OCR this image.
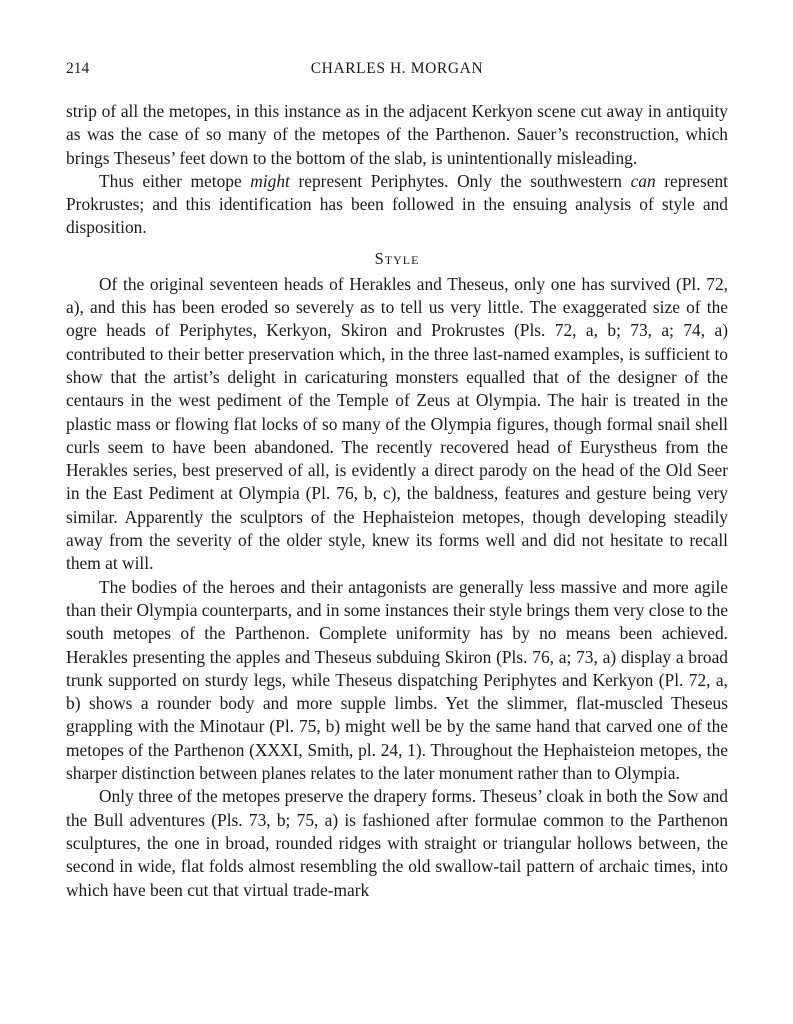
214	CHARLES H. MORGAN

strip of all the metopes, in this instance as in the adjacent Kerkyon scene cut away in antiquity as was the case of so many of the metopes of the Parthenon. Sauer’s reconstruction, which brings Theseus’ feet down to the bottom of the slab, is unintentionally misleading.

Thus either metope might represent Periphytes. Only the southwestern can represent Prokrustes; and this identification has been followed in the ensuing analysis of style and disposition.

Style

Of the original seventeen heads of Herakles and Theseus, only one has survived (Pl. 72, a), and this has been eroded so severely as to tell us very little. The exaggerated size of the ogre heads of Periphytes, Kerkyon, Skiron and Prokrustes (Pls. 72, a, b; 73, a; 74, a) contributed to their better preservation which, in the three last-named examples, is sufficient to show that the artist’s delight in caricaturing monsters equalled that of the designer of the centaurs in the west pediment of the Temple of Zeus at Olympia. The hair is treated in the plastic mass or flowing flat locks of so many of the Olympia figures, though formal snail shell curls seem to have been abandoned. The recently recovered head of Eurystheus from the Herakles series, best preserved of all, is evidently a direct parody on the head of the Old Seer in the East Pediment at Olympia (Pl. 76, b, c), the baldness, features and gesture being very similar. Apparently the sculptors of the Hephaisteion metopes, though developing steadily away from the severity of the older style, knew its forms well and did not hesitate to recall them at will.

The bodies of the heroes and their antagonists are generally less massive and more agile than their Olympia counterparts, and in some instances their style brings them very close to the south metopes of the Parthenon. Complete uniformity has by no means been achieved. Herakles presenting the apples and Theseus subduing Skiron (Pls. 76, a; 73, a) display a broad trunk supported on sturdy legs, while Theseus dispatching Periphytes and Kerkyon (Pl. 72, a, b) shows a rounder body and more supple limbs. Yet the slimmer, flat-muscled Theseus grappling with the Minotaur (Pl. 75, b) might well be by the same hand that carved one of the metopes of the Parthenon (XXXI, Smith, pl. 24, 1). Throughout the Hephaisteion metopes, the sharper distinction between planes relates to the later monument rather than to Olympia.

Only three of the metopes preserve the drapery forms. Theseus’ cloak in both the Sow and the Bull adventures (Pls. 73, b; 75, a) is fashioned after formulae common to the Parthenon sculptures, the one in broad, rounded ridges with straight or triangular hollows between, the second in wide, flat folds almost resembling the old swallow-tail pattern of archaic times, into which have been cut that virtual trade-mark
